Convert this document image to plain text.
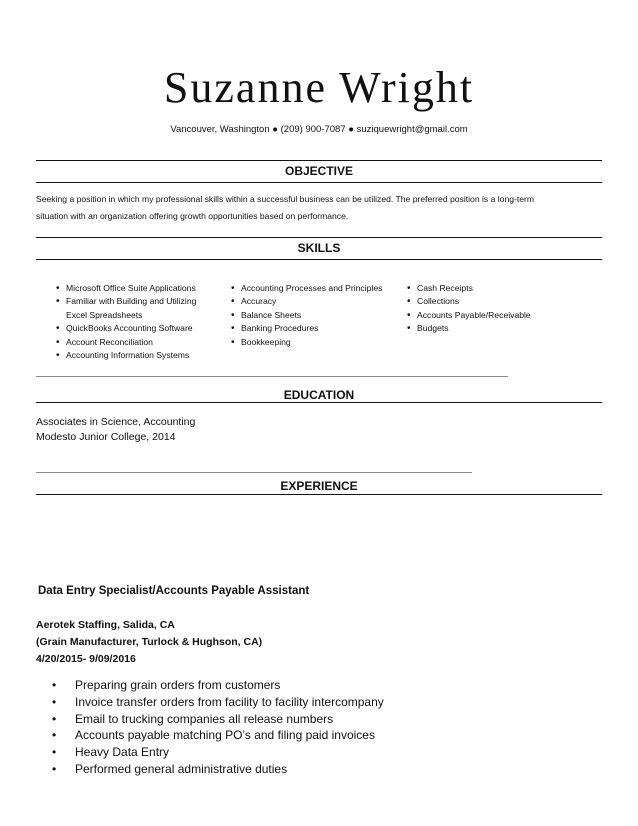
Suzanne Wright
Vancouver, Washington ● (209) 900-7087 ● suziquewright@gmail.com
OBJECTIVE
Seeking a position in which my professional skills within a successful business can be utilized. The preferred position is a long-term
situation with an organization offering growth opportunities based on performance.
SKILLS
• Microsoft Office Suite Applications
• Familiar with Building and Utilizing
Excel Spreadsheets
• QuickBooks Accounting Software
• Account Reconciliation
• Accounting Information Systems
• Accounting Processes and Principles
• Accuracy
• Balance Sheets
• Banking Procedures
• Bookkeeping
• Cash Receipts
• Collections
• Accounts Payable/Receivable
• Budgets
EDUCATION
Associates in Science, Accounting
Modesto Junior College, 2014
EXPERIENCE
Data Entry Specialist/Accounts Payable Assistant
Aerotek Staffing, Salida, CA
(Grain Manufacturer, Turlock & Hughson, CA)
4/20/2015- 9/09/2016
• Preparing grain orders from customers
• Invoice transfer orders from facility to facility intercompany
• Email to trucking companies all release numbers
• Accounts payable matching PO’s and filing paid invoices
• Heavy Data Entry
• Performed general administrative duties
